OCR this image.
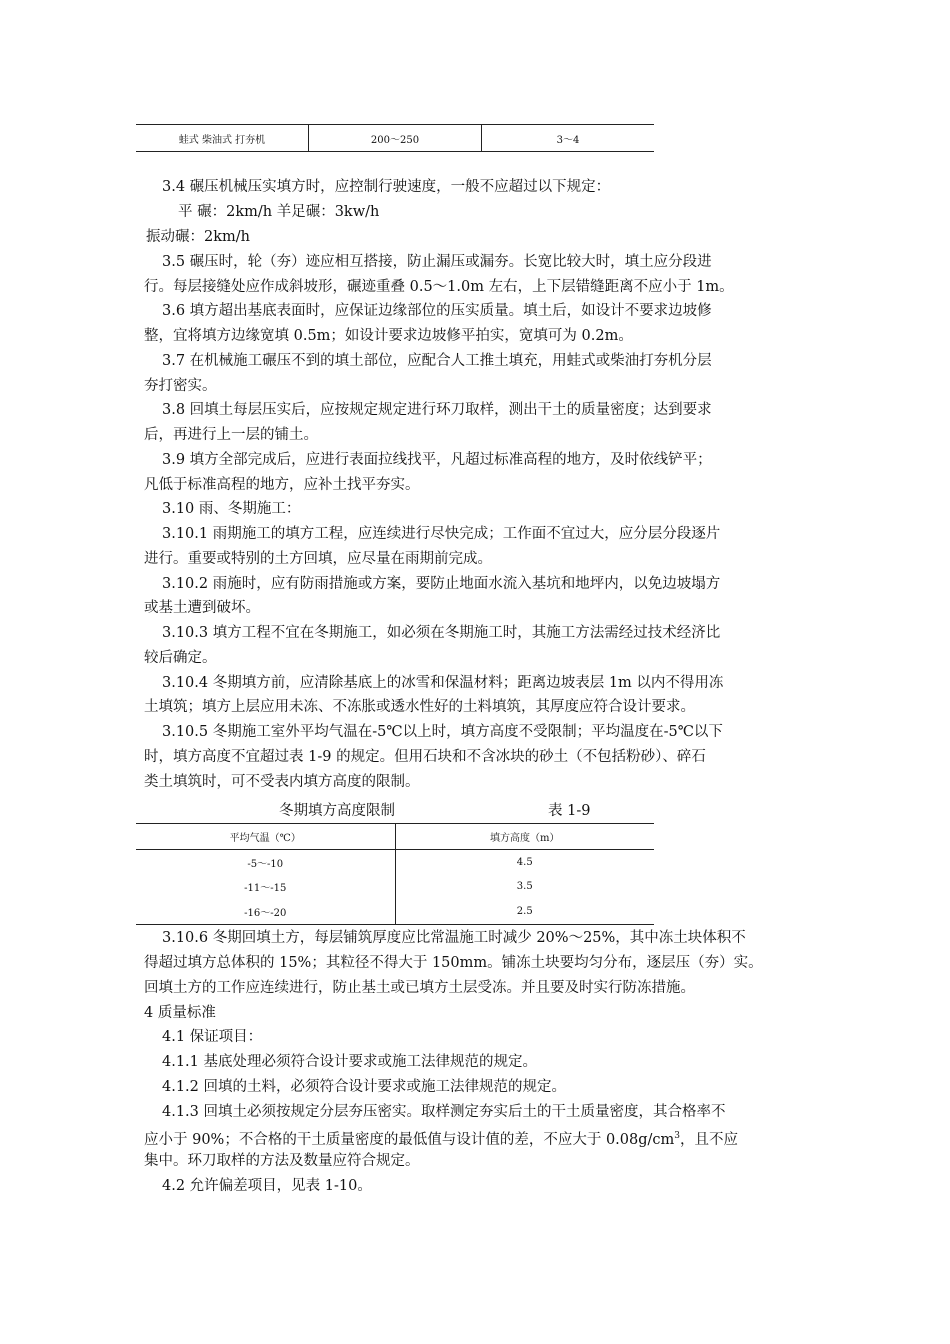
蛙式 柴油式 打夯机	200～250	3～4
3.4 碾压机械压实填方时，应控制行驶速度，一般不应超过以下规定：
平 碾：2km/h 羊足碾：3kw/h
振动碾：2km/h
3.5 碾压时，轮（夯）迹应相互搭接，防止漏压或漏夯。长宽比较大时，填土应分段进
行。每层接缝处应作成斜坡形，碾迹重叠 0.5～1.0m 左右，上下层错缝距离不应小于 1m。
3.6 填方超出基底表面时，应保证边缘部位的压实质量。填土后，如设计不要求边坡修
整，宜将填方边缘宽填 0.5m；如设计要求边坡修平拍实，宽填可为 0.2m。
3.7 在机械施工碾压不到的填土部位，应配合人工推土填充，用蛙式或柴油打夯机分层
夯打密实。
3.8 回填土每层压实后，应按规定规定进行环刀取样，测出干土的质量密度；达到要求
后，再进行上一层的铺土。
3.9 填方全部完成后，应进行表面拉线找平，凡超过标准高程的地方，及时依线铲平；
凡低于标准高程的地方，应补土找平夯实。
3.10 雨、冬期施工：
3.10.1 雨期施工的填方工程，应连续进行尽快完成；工作面不宜过大，应分层分段逐片
进行。重要或特别的土方回填，应尽量在雨期前完成。
3.10.2 雨施时，应有防雨措施或方案，要防止地面水流入基坑和地坪内，以免边坡塌方
或基土遭到破坏。
3.10.3 填方工程不宜在冬期施工，如必须在冬期施工时，其施工方法需经过技术经济比
较后确定。
3.10.4 冬期填方前，应清除基底上的冰雪和保温材料；距离边坡表层 1m 以内不得用冻
土填筑；填方上层应用未冻、不冻胀或透水性好的土料填筑，其厚度应符合设计要求。
3.10.5 冬期施工室外平均气温在-5℃以上时，填方高度不受限制；平均温度在-5℃以下
时，填方高度不宜超过表 1-9 的规定。但用石块和不含冰块的砂土（不包括粉砂）、碎石
类土填筑时，可不受表内填方高度的限制。
冬期填方高度限制	表 1-9
平均气温（℃）	填方高度（m）
-5～-10	4.5
-11～-15	3.5
-16～-20	2.5
3.10.6 冬期回填土方，每层铺筑厚度应比常温施工时减少 20%～25%，其中冻土块体积不
得超过填方总体积的 15%；其粒径不得大于 150mm。铺冻土块要均匀分布，逐层压（夯）实。
回填土方的工作应连续进行，防止基土或已填方土层受冻。并且要及时实行防冻措施。
4 质量标准
4.1 保证项目：
4.1.1 基底处理必须符合设计要求或施工法律规范的规定。
4.1.2 回填的土料，必须符合设计要求或施工法律规范的规定。
4.1.3 回填土必须按规定分层夯压密实。取样测定夯实后土的干土质量密度，其合格率不
应小于 90%；不合格的干土质量密度的最低值与设计值的差，不应大于 $0.08g/cm^3$，且不应
集中。环刀取样的方法及数量应符合规定。
4.2 允许偏差项目，见表 1-10。
